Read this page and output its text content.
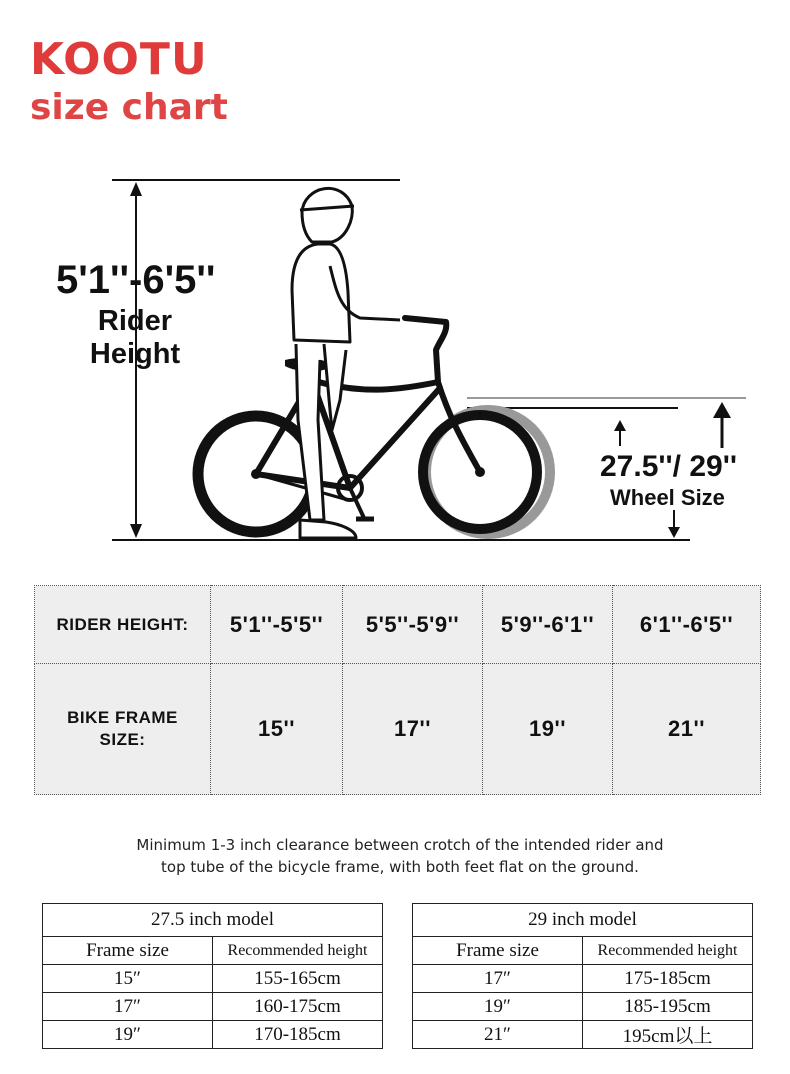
KOOTU
size chart
5'1''-6'5''
Rider Height
27.5''/ 29''
Wheel Size
RIDER HEIGHT:	5'1''-5'5''	5'5''-5'9''	5'9''-6'1''	6'1''-6'5''
BIKE FRAME SIZE:	15''	17''	19''	21''
Minimum 1-3 inch clearance between crotch of the intended rider and
top tube of the bicycle frame, with both feet flat on the ground.
27.5 inch model	
Frame size	Recommended height
15″	155-165cm
17″	160-175cm
19″	170-185cm
29 inch model	
Frame size	Recommended height
17″	175-185cm
19″	185-195cm
21″	195cm以上
